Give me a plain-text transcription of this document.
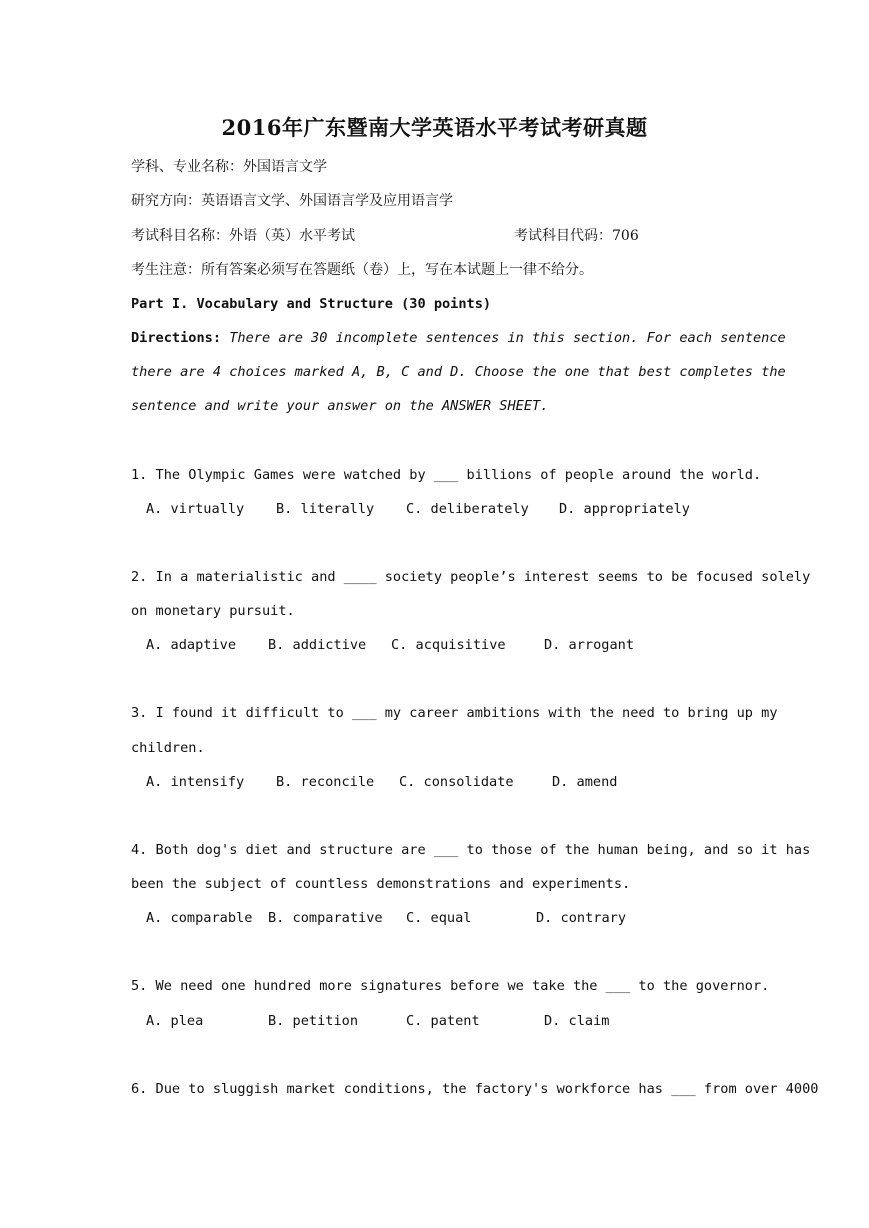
2016年广东暨南大学英语水平考试考研真题
学科、专业名称：外国语言文学
研究方向：英语语言文学、外国语言学及应用语言学
考试科目名称：外语（英）水平考试	考试科目代码：706
考生注意：所有答案必须写在答题纸（卷）上，写在本试题上一律不给分。
Part I. Vocabulary and Structure (30 points)
Directions: There are 30 incomplete sentences in this section. For each sentence
there are 4 choices marked A, B, C and D. Choose the one that best completes the
sentence and write your answer on the ANSWER SHEET.
1. The Olympic Games were watched by ___ billions of people around the world.
A. virtually B. literally C. deliberately D. appropriately
2. In a materialistic and ____ society people’s interest seems to be focused solely
on monetary pursuit.
A. adaptive B. addictive C. acquisitive	D. arrogant
3. I found it difficult to ___ my career ambitions with the need to bring up my
children.
A. intensify B. reconcile C. consolidate	D. amend
4. Both dog's diet and structure are ___ to those of the human being, and so it has
been the subject of countless demonstrations and experiments.
A. comparable B. comparative C. equal	D. contrary
5. We need one hundred more signatures before we take the ___ to the governor.
A. plea	B. petition	C. patent	D. claim
6. Due to sluggish market conditions, the factory's workforce has ___ from over 4000
